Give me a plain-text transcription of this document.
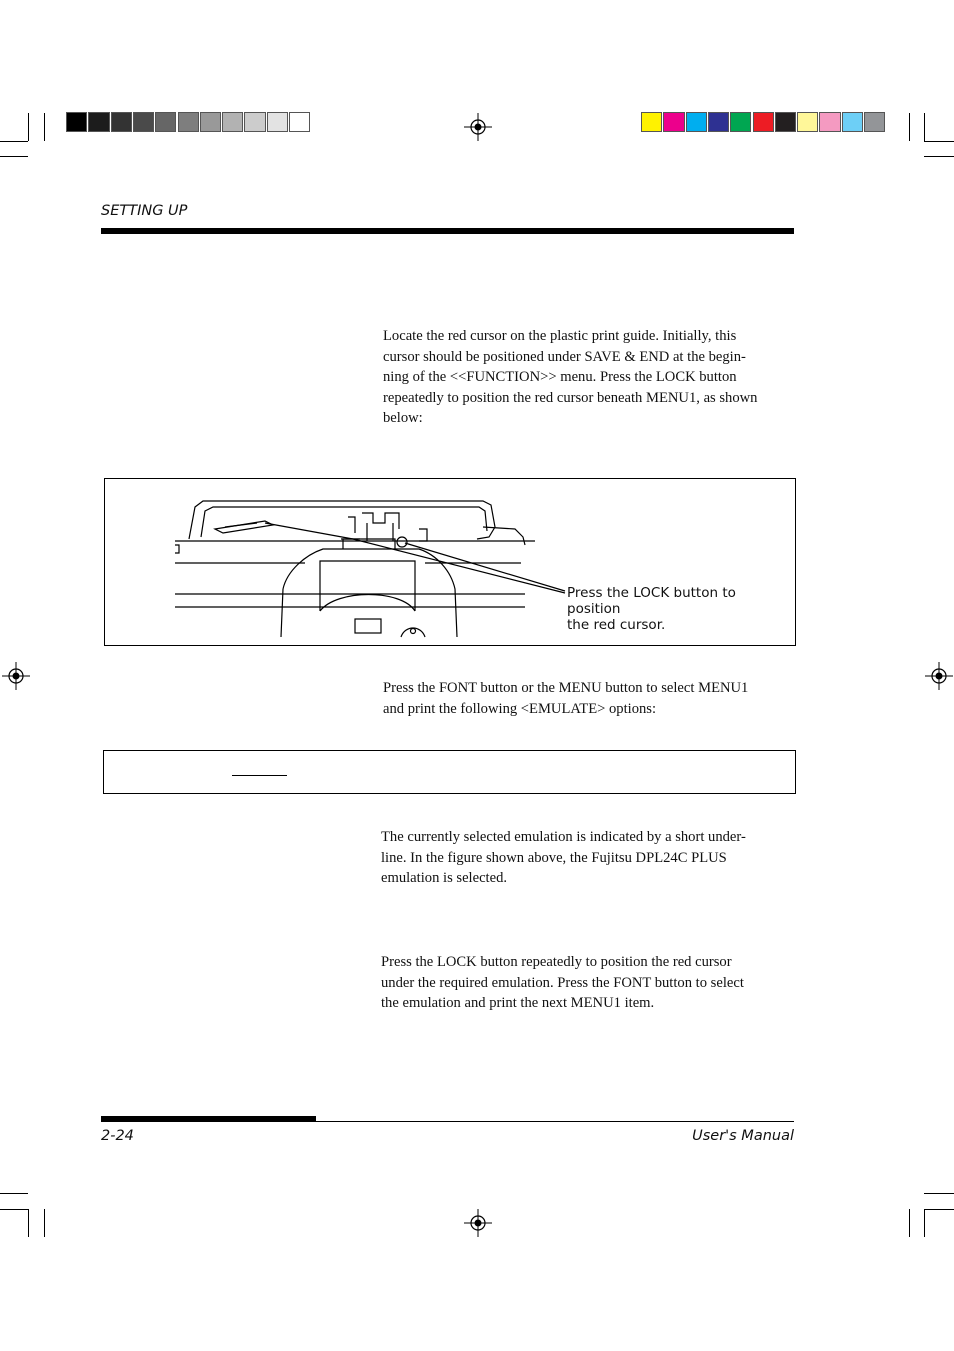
SETTING UP

Locate the red cursor on the plastic print guide. Initially, this

cursor should be positioned under SAVE & END at the begin-

ning of the <<FUNCTION>> menu. Press the LOCK button

repeatedly to position the red cursor beneath MENU1, as shown

below:

Press the LOCK button to
position
the red cursor.

Press the FONT button or the MENU button to select MENU1

and print the following <EMULATE> options:

The currently selected emulation is indicated by a short under-

line. In the figure shown above, the Fujitsu DPL24C PLUS

emulation is selected.

Press the LOCK button repeatedly to position the red cursor

under the required emulation. Press the FONT button to select

the emulation and print the next MENU1 item.

2-24	User's Manual
